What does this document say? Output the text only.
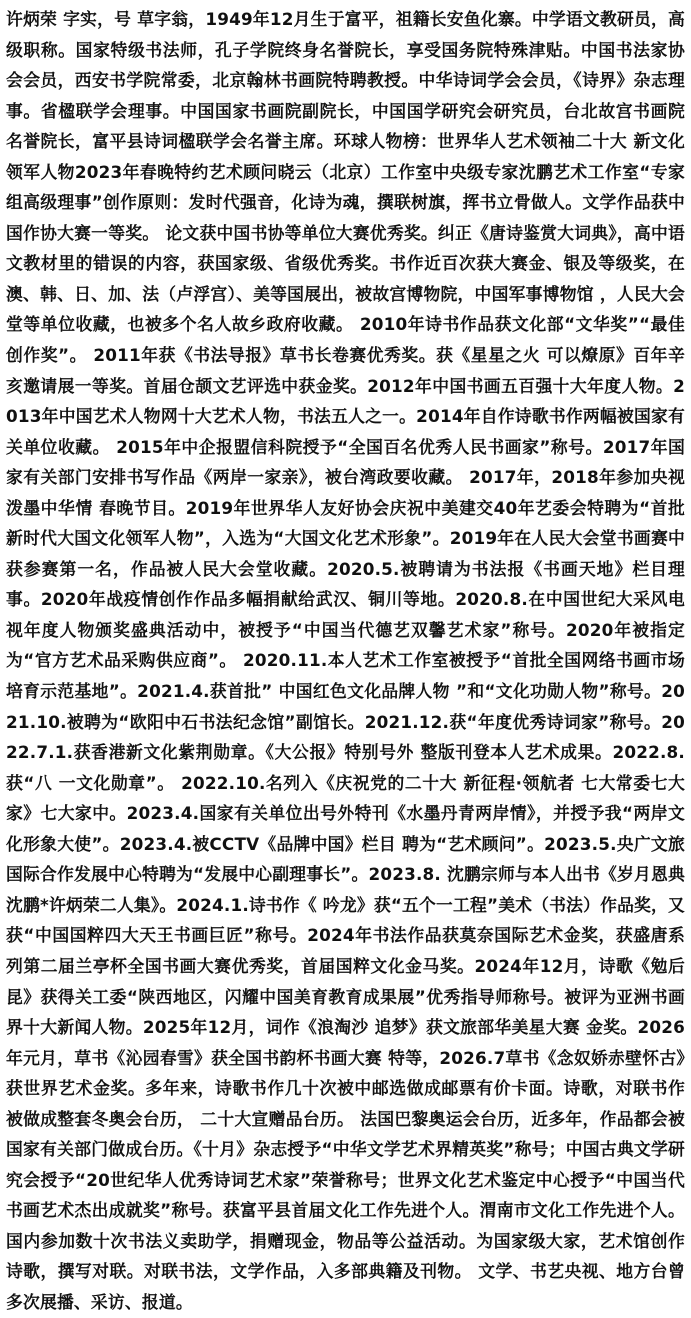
许炳荣 字实，号 草字翁，1949年12月生于富平，祖籍长安鱼化寨。中学语文教研员，高级职称。国家特级书法师，孔子学院终身名誉院长，享受国务院特殊津贴。中国书法家协会会员，西安书学院常委，北京翰林书画院特聘教授。中华诗词学会会员，《诗界》杂志理事。省楹联学会理事。中国国家书画院副院长，中国国学研究会研究员，台北故宫书画院名誉院长，富平县诗词楹联学会名誉主席。环球人物榜：世界华人艺术领袖二十大 新文化领军人物2023年春晚特约艺术顾问晓云（北京）工作室中央级专家沈鹏艺术工作室“专家组高级理事”创作原则：发时代强音，化诗为魂，撰联树旗，挥书立骨做人。文学作品获中国作协大赛一等奖。 论文获中国书协等单位大赛优秀奖。纠正《唐诗鉴赏大词典》，高中语文教材里的错误的内容，获国家级、省级优秀奖。书作近百次获大赛金、银及等级奖，在澳、韩、日、加、法（卢浮宫）、美等国展出，被故宫博物院，中国军事博物馆 ，人民大会堂等单位收藏，也被多个名人故乡政府收藏。 2010年诗书作品获文化部“文华奖”“最佳创作奖”。 2011年获《书法导报》草书长卷赛优秀奖。获《星星之火 可以燎原》百年辛亥邀请展一等奖。首届仓颉文艺评选中获金奖。2012年中国书画五百强十大年度人物。2013年中国艺术人物网十大艺术人物，书法五人之一。2014年自作诗歌书作两幅被国家有关单位收藏。 2015年中企报盟信科院授予“全国百名优秀人民书画家”称号。2017年国家有关部门安排书写作品《两岸一家亲》，被台湾政要收藏。 2017年，2018年参加央视 泼墨中华情 春晚节目。2019年世界华人友好协会庆祝中美建交40年艺委会特聘为“首批新时代大国文化领军人物”，入选为“大国文化艺术形象”。2019年在人民大会堂书画赛中获参赛第一名，作品被人民大会堂收藏。2020.5.被聘请为书法报《书画天地》栏目理事。2020年战疫情创作作品多幅捐献给武汉、铜川等地。2020.8.在中国世纪大采风电视年度人物颁奖盛典活动中，被授予“中国当代德艺双馨艺术家”称号。2020年被指定为“官方艺术品采购供应商”。 2020.11.本人艺术工作室被授予“首批全国网络书画市场培育示范基地”。2021.4.获首批” 中国红色文化品牌人物 ”和“文化功勋人物”称号。2021.10.被聘为“欧阳中石书法纪念馆”副馆长。2021.12.获“年度优秀诗词家”称号。2022.7.1.获香港新文化紫荆勋章。《大公报》特别号外 整版刊登本人艺术成果。2022.8. 获“八 一文化勋章”。 2022.10.名列入《庆祝党的二十大 新征程·领航者 七大常委七大家》七大家中。2023.4.国家有关单位出号外特刊《水墨丹青两岸情》，并授予我“两岸文化形象大使”。2023.4.被CCTV《品牌中国》栏目 聘为“艺术顾问”。2023.5.央广文旅国际合作发展中心特聘为“发展中心副理事长”。2023.8. 沈鹏宗师与本人出书《岁月恩典 沈鹏*许炳荣二人集》。2024.1.诗书作《 吟龙》获“五个一工程”美术（书法）作品奖，又获“中国国粹四大天王书画巨匠”称号。2024年书法作品获莫奈国际艺术金奖，获盛唐系列第二届兰亭杯全国书画大赛优秀奖，首届国粹文化金马奖。2024年12月，诗歌《勉后昆》获得关工委“陕西地区，闪耀中国美育教育成果展”优秀指导师称号。被评为亚洲书画界十大新闻人物。2025年12月，词作《浪淘沙 追梦》获文旅部华美星大赛 金奖。2026年元月，草书《沁园春雪》获全国书韵杯书画大赛 特等，2026.7草书《念奴娇赤壁怀古》获世界艺术金奖。多年来，诗歌书作几十次被中邮选做成邮票有价卡面。诗歌，对联书作被做成整套冬奥会台历， 二十大宣赠品台历。 法国巴黎奥运会台历，近多年，作品都会被国家有关部门做成台历。《十月》杂志授予“中华文学艺术界精英奖”称号；中国古典文学研究会授予“20世纪华人优秀诗词艺术家”荣誉称号；世界文化艺术鉴定中心授予“中国当代书画艺术杰出成就奖”称号。获富平县首届文化工作先进个人。渭南市文化工作先进个人。国内参加数十次书法义卖助学，捐赠现金，物品等公益活动。为国家级大家，艺术馆创作诗歌，撰写对联。对联书法，文学作品，入多部典籍及刊物。 文学、书艺央视、地方台曾多次展播、采访、报道。
